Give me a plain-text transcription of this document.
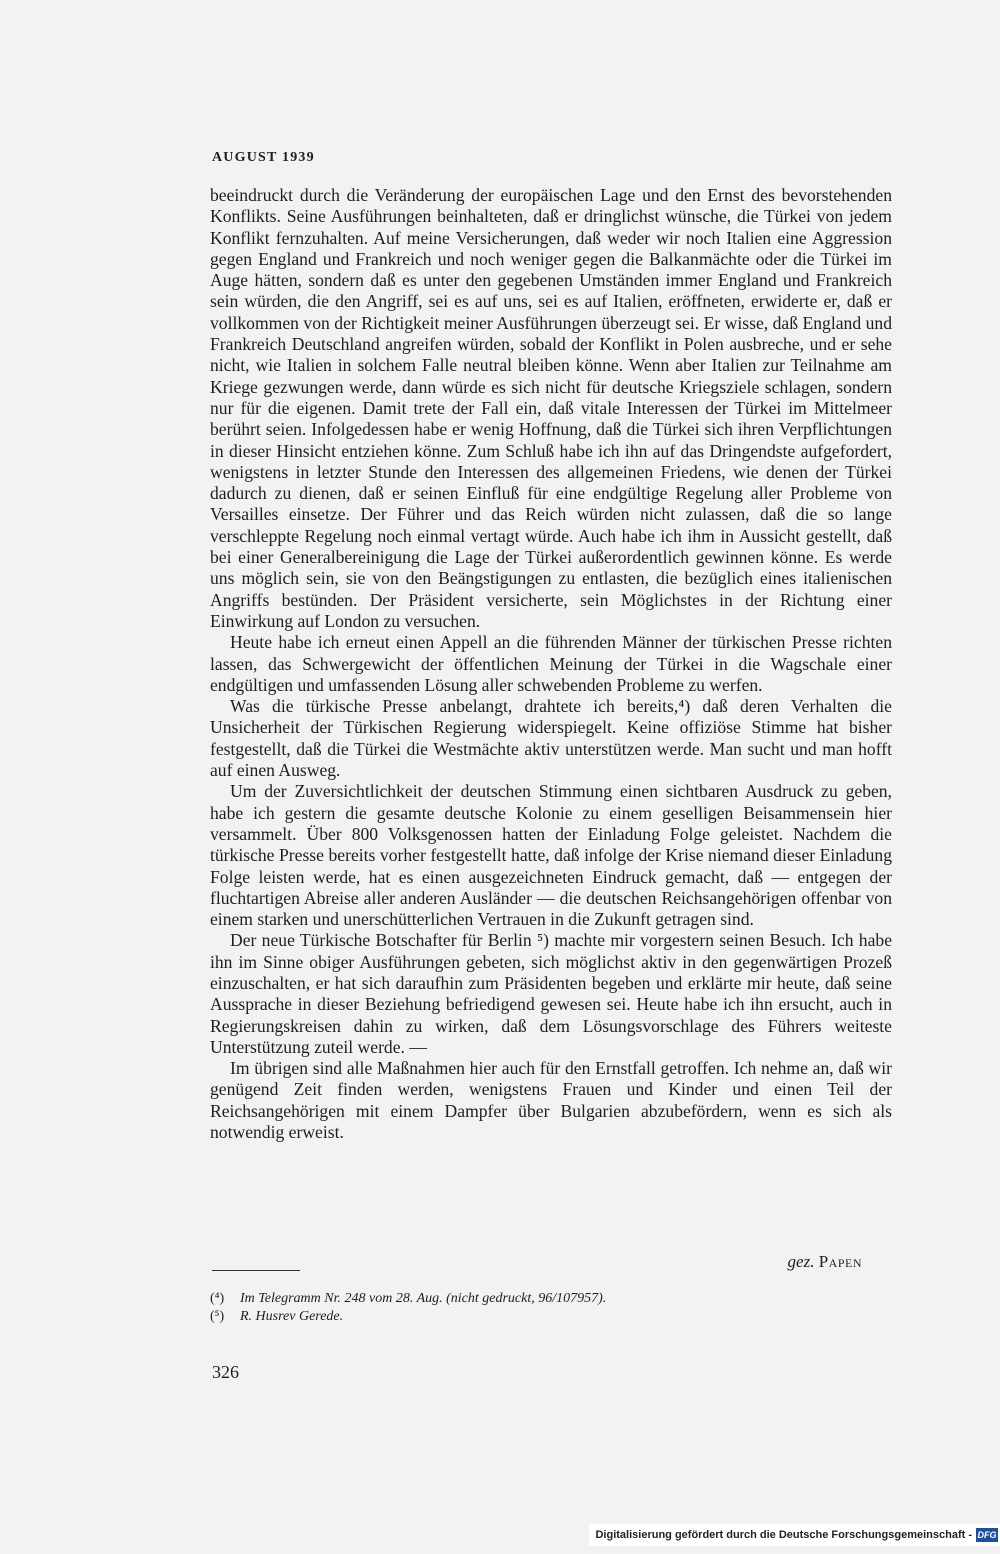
AUGUST 1939

beeindruckt durch die Veränderung der europäischen Lage und den Ernst des bevorstehenden Konflikts. Seine Ausführungen beinhalteten, daß er dringlichst wünsche, die Türkei von jedem Konflikt fernzuhalten. Auf meine Versicherungen, daß weder wir noch Italien eine Aggression gegen England und Frankreich und noch weniger gegen die Balkanmächte oder die Türkei im Auge hätten, sondern daß es unter den gegebenen Umständen immer England und Frankreich sein würden, die den Angriff, sei es auf uns, sei es auf Italien, eröffneten, erwiderte er, daß er vollkommen von der Richtigkeit meiner Ausführungen überzeugt sei. Er wisse, daß England und Frankreich Deutschland angreifen würden, sobald der Konflikt in Polen ausbreche, und er sehe nicht, wie Italien in solchem Falle neutral bleiben könne. Wenn aber Italien zur Teilnahme am Kriege gezwungen werde, dann würde es sich nicht für deutsche Kriegsziele schlagen, sondern nur für die eigenen. Damit trete der Fall ein, daß vitale Interessen der Türkei im Mittelmeer berührt seien. Infolgedessen habe er wenig Hoffnung, daß die Türkei sich ihren Verpflichtungen in dieser Hinsicht entziehen könne. Zum Schluß habe ich ihn auf das Dringendste aufgefordert, wenigstens in letzter Stunde den Interessen des allgemeinen Friedens, wie denen der Türkei dadurch zu dienen, daß er seinen Einfluß für eine endgültige Regelung aller Probleme von Versailles einsetze. Der Führer und das Reich würden nicht zulassen, daß die so lange verschleppte Regelung noch einmal vertagt würde. Auch habe ich ihm in Aussicht gestellt, daß bei einer Generalbereinigung die Lage der Türkei außerordentlich gewinnen könne. Es werde uns möglich sein, sie von den Beängstigungen zu entlasten, die bezüglich eines italienischen Angriffs bestünden. Der Präsident versicherte, sein Möglichstes in der Richtung einer Einwirkung auf London zu versuchen.

Heute habe ich erneut einen Appell an die führenden Männer der türkischen Presse richten lassen, das Schwergewicht der öffentlichen Meinung der Türkei in die Wagschale einer endgültigen und umfassenden Lösung aller schwebenden Probleme zu werfen.

Was die türkische Presse anbelangt, drahtete ich bereits,⁴) daß deren Verhalten die Unsicherheit der Türkischen Regierung widerspiegelt. Keine offiziöse Stimme hat bisher festgestellt, daß die Türkei die Westmächte aktiv unterstützen werde. Man sucht und man hofft auf einen Ausweg.

Um der Zuversichtlichkeit der deutschen Stimmung einen sichtbaren Ausdruck zu geben, habe ich gestern die gesamte deutsche Kolonie zu einem geselligen Beisammensein hier versammelt. Über 800 Volksgenossen hatten der Einladung Folge geleistet. Nachdem die türkische Presse bereits vorher festgestellt hatte, daß infolge der Krise niemand dieser Einladung Folge leisten werde, hat es einen ausgezeichneten Eindruck gemacht, daß — entgegen der fluchtartigen Abreise aller anderen Ausländer — die deutschen Reichsangehörigen offenbar von einem starken und unerschütterlichen Vertrauen in die Zukunft getragen sind.

Der neue Türkische Botschafter für Berlin ⁵) machte mir vorgestern seinen Besuch. Ich habe ihn im Sinne obiger Ausführungen gebeten, sich möglichst aktiv in den gegenwärtigen Prozeß einzuschalten, er hat sich daraufhin zum Präsidenten begeben und erklärte mir heute, daß seine Aussprache in dieser Beziehung befriedigend gewesen sei. Heute habe ich ihn ersucht, auch in Regierungskreisen dahin zu wirken, daß dem Lösungsvorschlage des Führers weiteste Unterstützung zuteil werde. —

Im übrigen sind alle Maßnahmen hier auch für den Ernstfall getroffen. Ich nehme an, daß wir genügend Zeit finden werden, wenigstens Frauen und Kinder und einen Teil der Reichsangehörigen mit einem Dampfer über Bulgarien abzubefördern, wenn es sich als notwendig erweist.

gez. Papen
(⁴)	Im Telegramm Nr. 248 vom 28. Aug. (nicht gedruckt, 96/107957).
(⁵)	R. Husrev Gerede.
326
Digitalisierung gefördert durch die Deutsche Forschungsgemeinschaft - DFG
